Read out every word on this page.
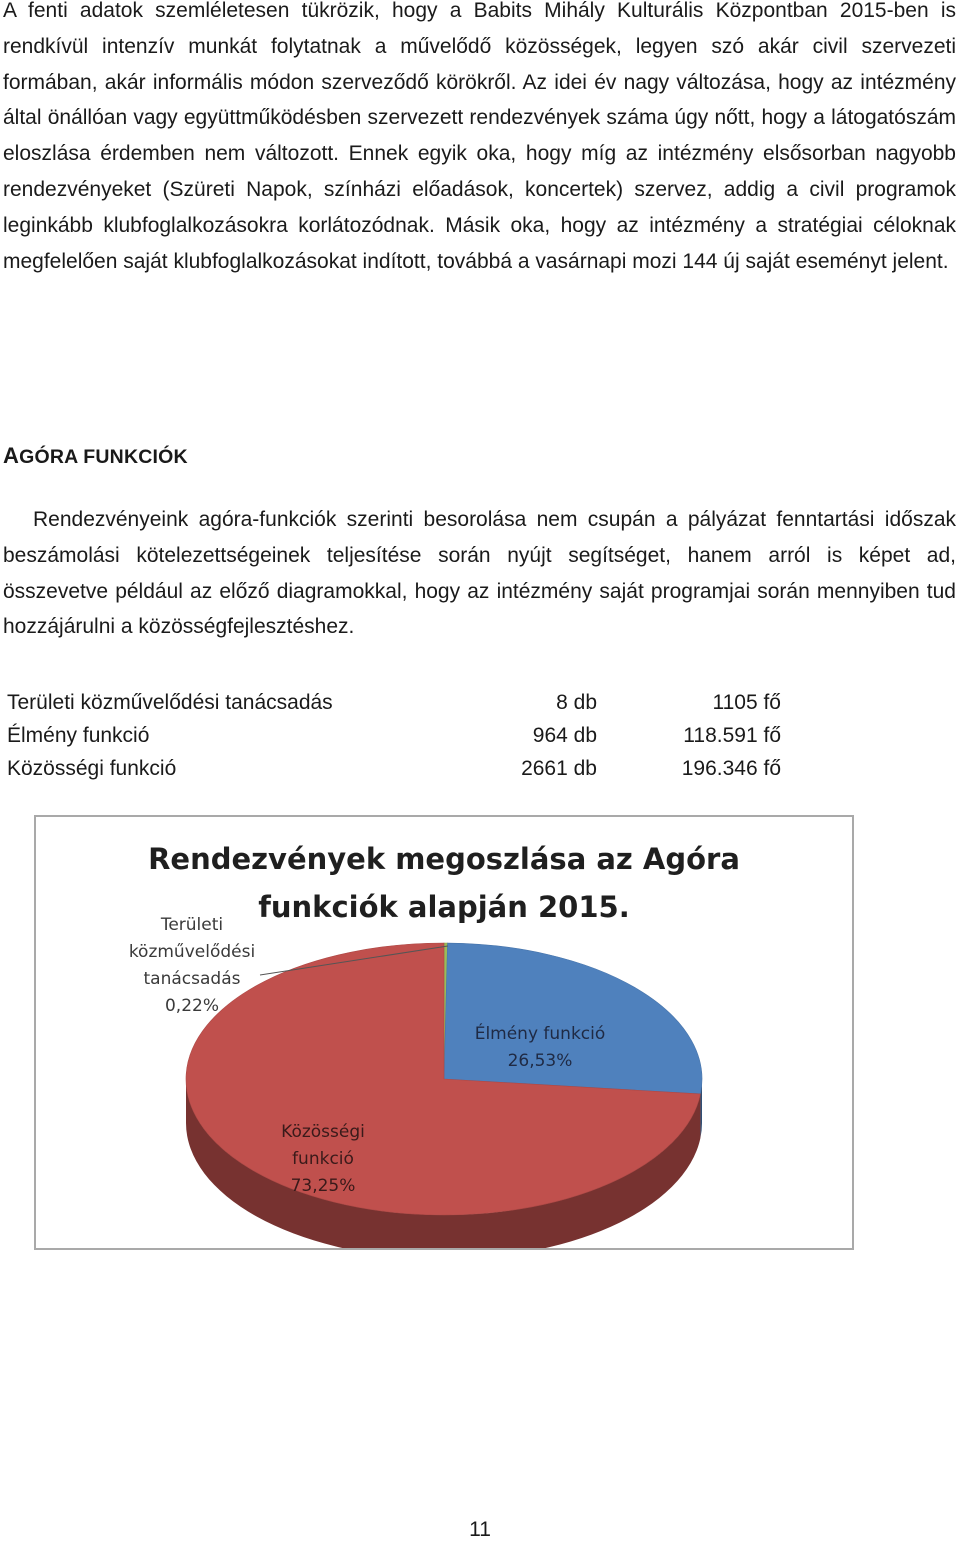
A fenti adatok szemléletesen tükrözik, hogy a Babits Mihály Kulturális Központban 2015-ben is rendkívül intenzív munkát folytatnak a művelődő közösségek, legyen szó akár civil szervezeti formában, akár informális módon szerveződő körökről. Az idei év nagy változása, hogy az intézmény által önállóan vagy együttműködésben szervezett rendezvények száma úgy nőtt, hogy a látogatószám eloszlása érdemben nem változott. Ennek egyik oka, hogy míg az intézmény elsősorban nagyobb rendezvényeket (Szüreti Napok, színházi előadások, koncertek) szervez, addig a civil programok leginkább klubfoglalkozásokra korlátozódnak. Másik oka, hogy az intézmény a stratégiai céloknak megfelelően saját klubfoglalkozásokat indított, továbbá a vasárnapi mozi 144 új saját eseményt jelent.

AGÓRA FUNKCIÓK

Rendezvényeink agóra-funkciók szerinti besorolása nem csupán a pályázat fenntartási időszak beszámolási kötelezettségeinek teljesítése során nyújt segítséget, hanem arról is képet ad, összevetve például az előző diagramokkal, hogy az intézmény saját programjai során mennyiben tud hozzájárulni a közösségfejlesztéshez.

Területi közművelődési tanácsadás	8 db	1105 fő
Élmény funkció	964 db	118.591 fő
Közösségi funkció	2661 db	196.346 fő
Rendezvények megoszlása az Agóra
funkciók alapján 2015.
Területi közművelődési tanácsadás 0,22%
Élmény funkció 26,53%
Közösségi funkció 73,25%
11
